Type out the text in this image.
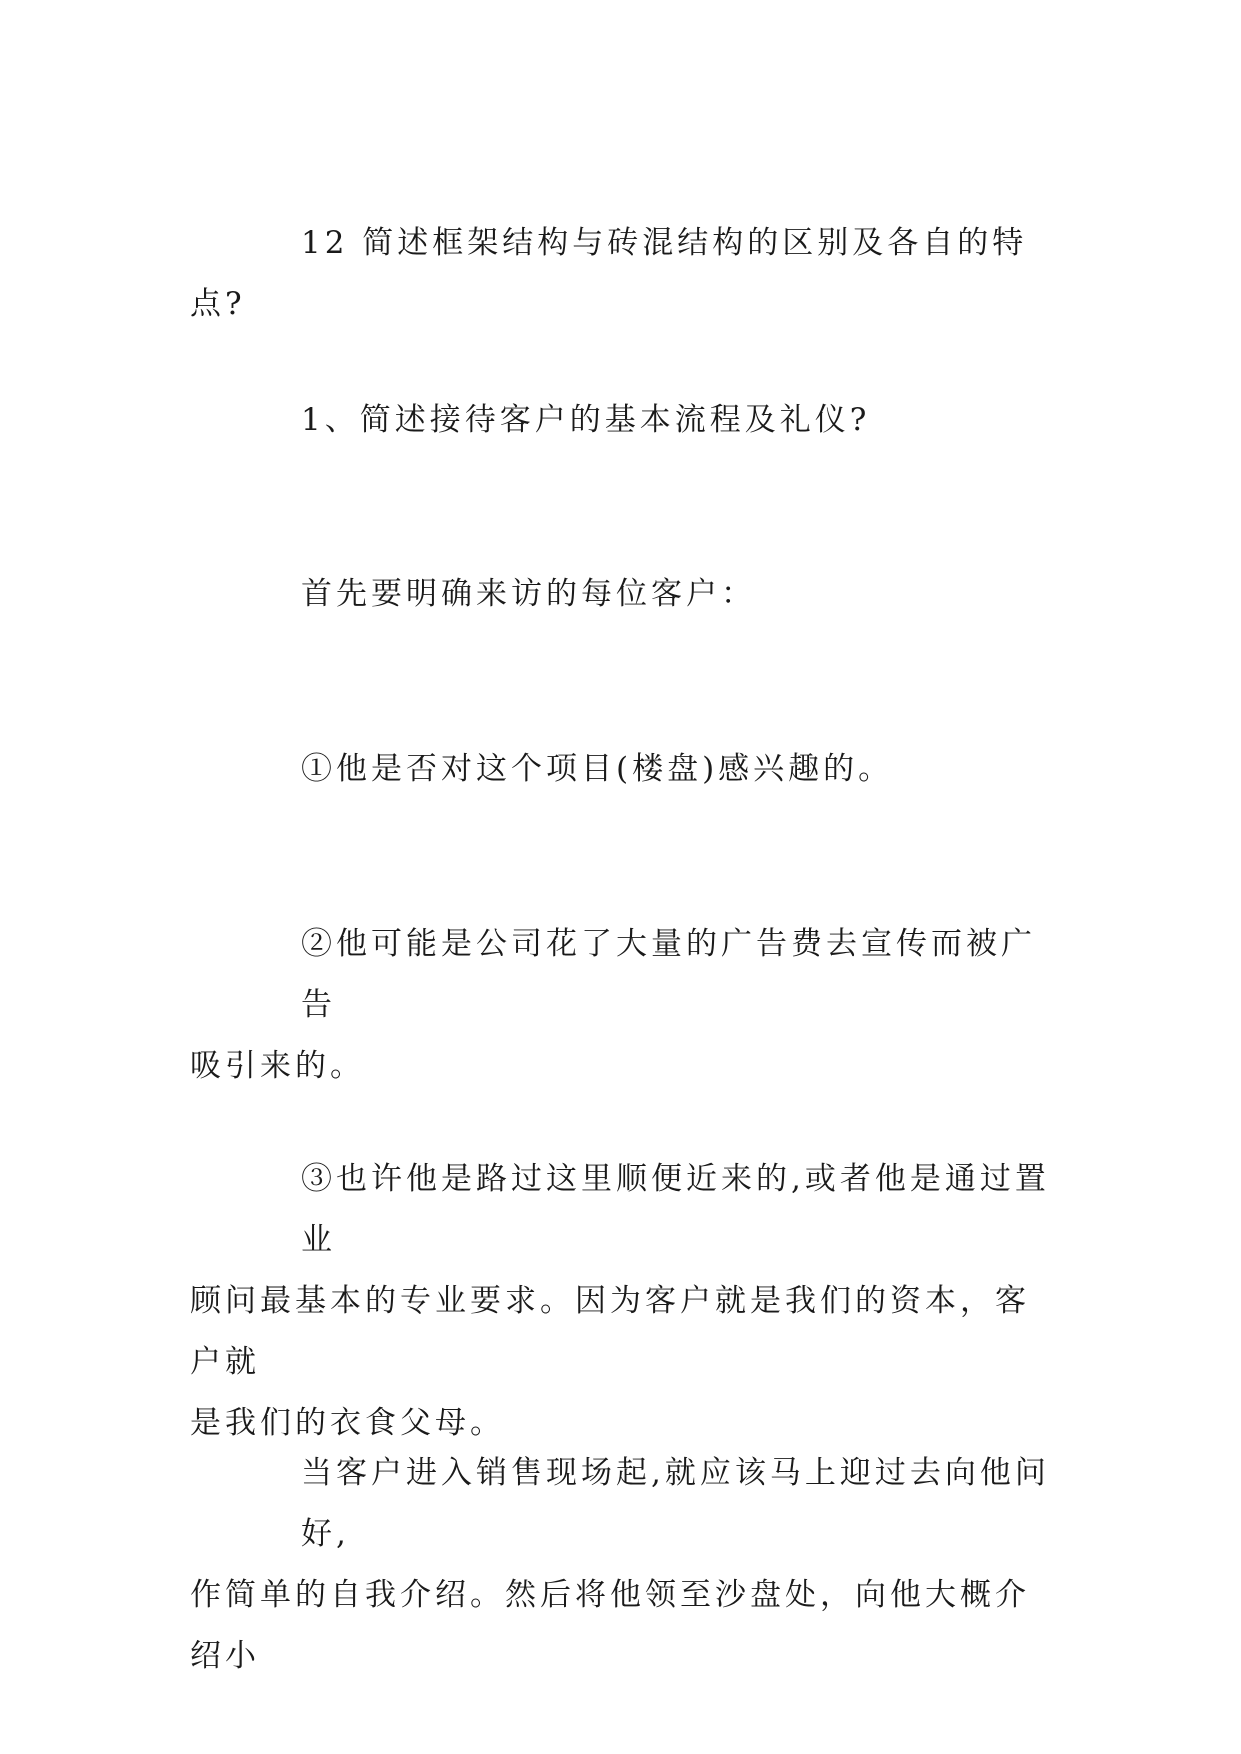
12 简述框架结构与砖混结构的区别及各自的特点?

1、简述接待客户的基本流程及礼仪?

首先要明确来访的每位客户：

①他是否对这个项目(楼盘)感兴趣的。

②他可能是公司花了大量的广告费去宣传而被广告
吸引来的。

③也许他是路过这里顺便近来的,或者他是通过置业
顾问最基本的专业要求。因为客户就是我们的资本，客户就
是我们的衣食父母。

当客户进入销售现场起,就应该马上迎过去向他问好,
作简单的自我介绍。然后将他领至沙盘处，向他大概介绍小
